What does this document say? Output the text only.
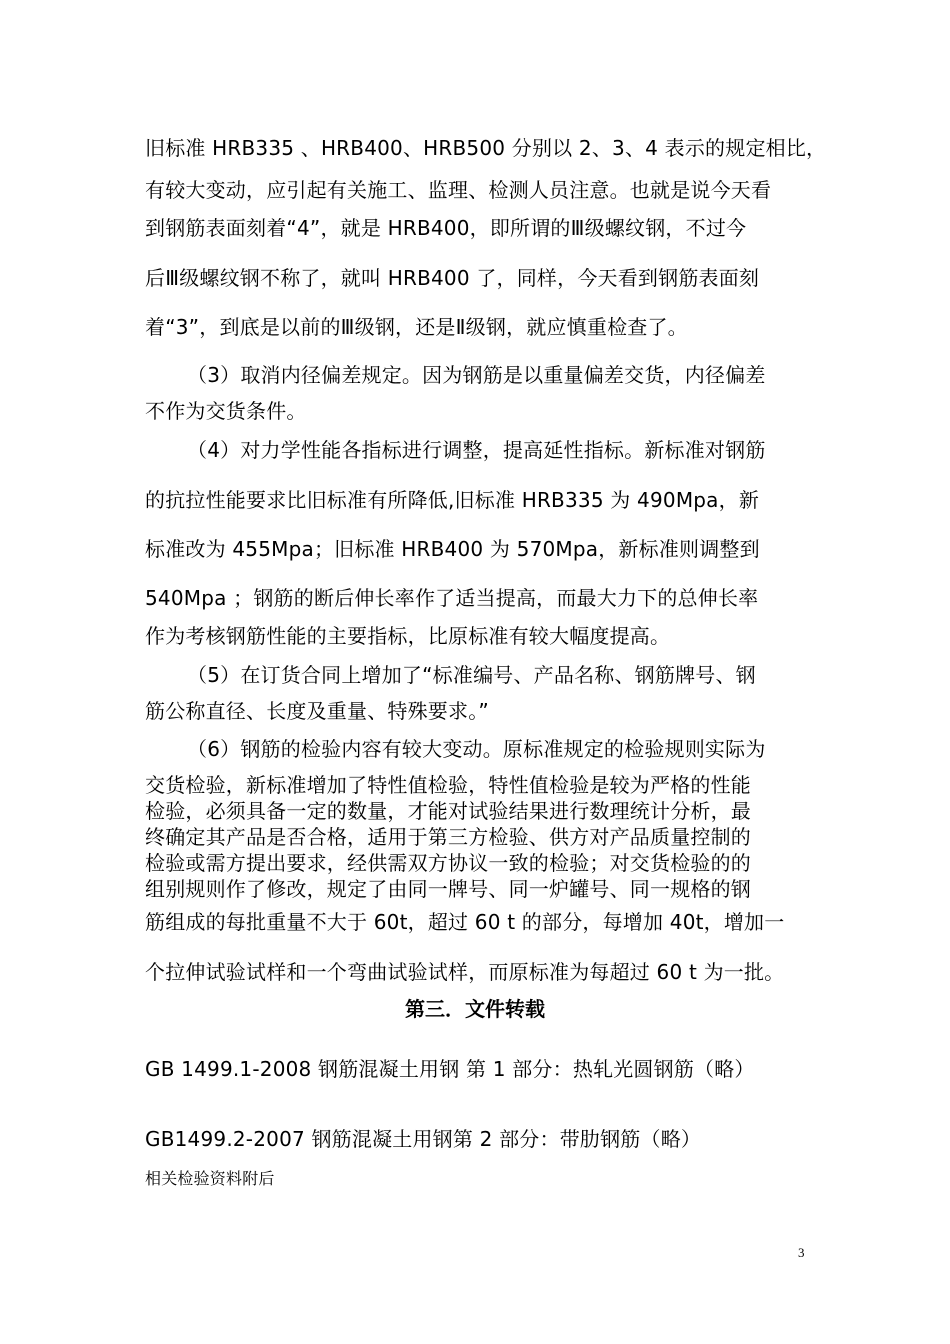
旧标准 HRB335 、HRB400、HRB500 分别以 2、3、4 表示的规定相比，

有较大变动，应引起有关施工、监理、检测人员注意。也就是说今天看

到钢筋表面刻着“4”，就是 HRB400，即所谓的Ⅲ级螺纹钢，不过今

后Ⅲ级螺纹钢不称了，就叫 HRB400 了，同样，今天看到钢筋表面刻

着“3”，到底是以前的Ⅲ级钢，还是Ⅱ级钢，就应慎重检查了。

（3）取消内径偏差规定。因为钢筋是以重量偏差交货，内径偏差

不作为交货条件。

（4）对力学性能各指标进行调整，提高延性指标。新标准对钢筋

的抗拉性能要求比旧标准有所降低,旧标准 HRB335 为 490Mpa，新

标准改为 455Mpa；旧标准 HRB400 为 570Mpa，新标准则调整到

540Mpa ；钢筋的断后伸长率作了适当提高，而最大力下的总伸长率

作为考核钢筋性能的主要指标，比原标准有较大幅度提高。

（5）在订货合同上增加了“标准编号、产品名称、钢筋牌号、钢

筋公称直径、长度及重量、特殊要求。”

（6）钢筋的检验内容有较大变动。原标准规定的检验规则实际为

交货检验，新标准增加了特性值检验，特性值检验是较为严格的性能

检验，必须具备一定的数量，才能对试验结果进行数理统计分析，最

终确定其产品是否合格，适用于第三方检验、供方对产品质量控制的

检验或需方提出要求，经供需双方协议一致的检验；对交货检验的的

组别规则作了修改，规定了由同一牌号、同一炉罐号、同一规格的钢

筋组成的每批重量不大于 60t，超过 60 t 的部分，每增加 40t，增加一

个拉伸试验试样和一个弯曲试验试样，而原标准为每超过 60 t 为一批。

第三．文件转载

GB 1499.1-2008 钢筋混凝土用钢 第 1 部分：热轧光圆钢筋（略）

GB1499.2-2007 钢筋混凝土用钢第 2 部分：带肋钢筋（略）

相关检验资料附后

3
